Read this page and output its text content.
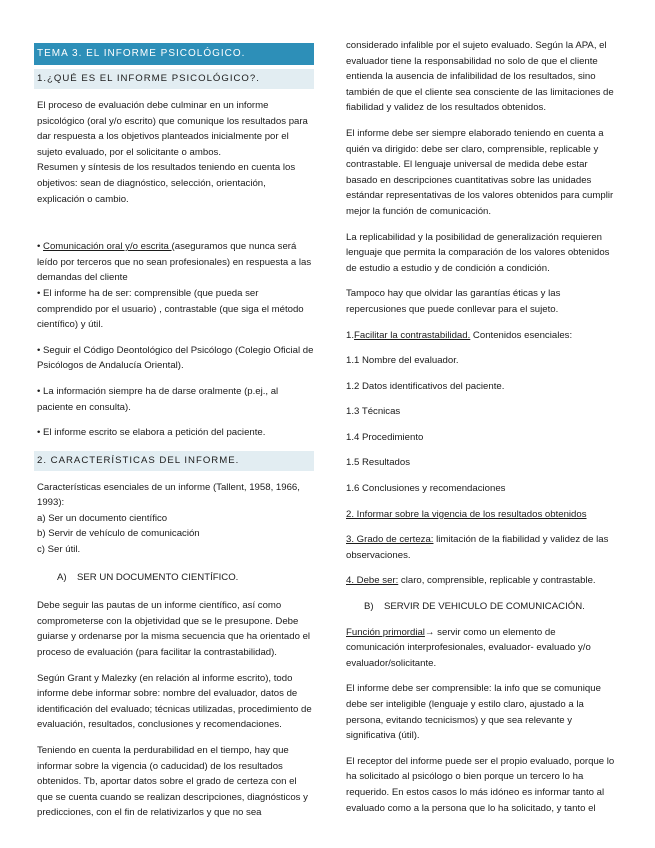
TEMA 3. EL INFORME PSICOLÓGICO.
1.¿QUÉ ES EL INFORME PSICOLÓGICO?.

El proceso de evaluación debe culminar en un informe psicológico (oral y/o escrito) que comunique los resultados para dar respuesta a los objetivos planteados inicialmente por el sujeto evaluado, por el solicitante o ambos.

Resumen y síntesis de los resultados teniendo en cuenta los objetivos: sean de diagnóstico, selección, orientación, explicación o cambio.

• Comunicación oral y/o escrita (aseguramos que nunca será leído por terceros que no sean profesionales) en respuesta a las demandas del cliente

• El informe ha de ser: comprensible (que pueda ser comprendido por el usuario) , contrastable (que siga el método científico) y útil.

• Seguir el Código Deontológico del Psicólogo (Colegio Oficial de Psicólogos de Andalucía Oriental).

• La información siempre ha de darse oralmente (p.ej., al paciente en consulta).

• El informe escrito se elabora a petición del paciente.

2. CARACTERÍSTICAS DEL INFORME.

Características esenciales de un informe (Tallent, 1958, 1966, 1993):

a) Ser un documento científico
b) Servir de vehículo de comunicación
c) Ser útil.
A) SER UN DOCUMENTO CIENTÍFICO.

Debe seguir las pautas de un informe científico, así como comprometerse con la objetividad que se le presupone. Debe guiarse y ordenarse por la misma secuencia que ha orientado el proceso de evaluación (para facilitar la contrastabilidad).

Según Grant y Malezky (en relación al informe escrito), todo informe debe informar sobre: nombre del evaluador, datos de identificación del evaluado; técnicas utilizadas, procedimiento de evaluación, resultados, conclusiones y recomendaciones.

Teniendo en cuenta la perdurabilidad en el tiempo, hay que informar sobre la vigencia (o caducidad) de los resultados obtenidos. Tb, aportar datos sobre el grado de certeza con el que se cuenta cuando se realizan descripciones, diagnósticos y predicciones, con el fin de relativizarlos y que no sea

considerado infalible por el sujeto evaluado. Según la APA, el evaluador tiene la responsabilidad no solo de que el cliente entienda la ausencia de infalibilidad de los resultados, sino también de que el cliente sea consciente de las limitaciones de fiabilidad y validez de los resultados obtenidos.

El informe debe ser siempre elaborado teniendo en cuenta a quién va dirigido: debe ser claro, comprensible, replicable y contrastable. El lenguaje universal de medida debe estar basado en descripciones cuantitativas sobre las unidades estándar representativas de los valores obtenidos para cumplir mejor la función de comunicación.

La replicabilidad y la posibilidad de generalización requieren lenguaje que permita la comparación de los valores obtenidos de estudio a estudio y de condición a condición.

Tampoco hay que olvidar las garantías éticas y las repercusiones que puede conllevar para el sujeto.

1.Facilitar la contrastabilidad. Contenidos esenciales:

1.1 Nombre del evaluador.

1.2 Datos identificativos del paciente.

1.3 Técnicas

1.4 Procedimiento

1.5 Resultados

1.6 Conclusiones y recomendaciones

2. Informar sobre la vigencia de los resultados obtenidos

3. Grado de certeza: limitación de la fiabilidad y validez de las observaciones.

4. Debe ser: claro, comprensible, replicable y contrastable.

B) SERVIR DE VEHICULO DE COMUNICACIÓN.

Función primordial→ servir como un elemento de comunicación interprofesionales, evaluador- evaluado y/o evaluador/solicitante.

El informe debe ser comprensible: la info que se comunique debe ser inteligible (lenguaje y estilo claro, ajustado a la persona, evitando tecnicismos) y que sea relevante y significativa (útil).

El receptor del informe puede ser el propio evaluado, porque lo ha solicitado al psicólogo o bien porque un tercero lo ha requerido. En estos casos lo más idóneo es informar tanto al evaluado como a la persona que lo ha solicitado, y tanto el
